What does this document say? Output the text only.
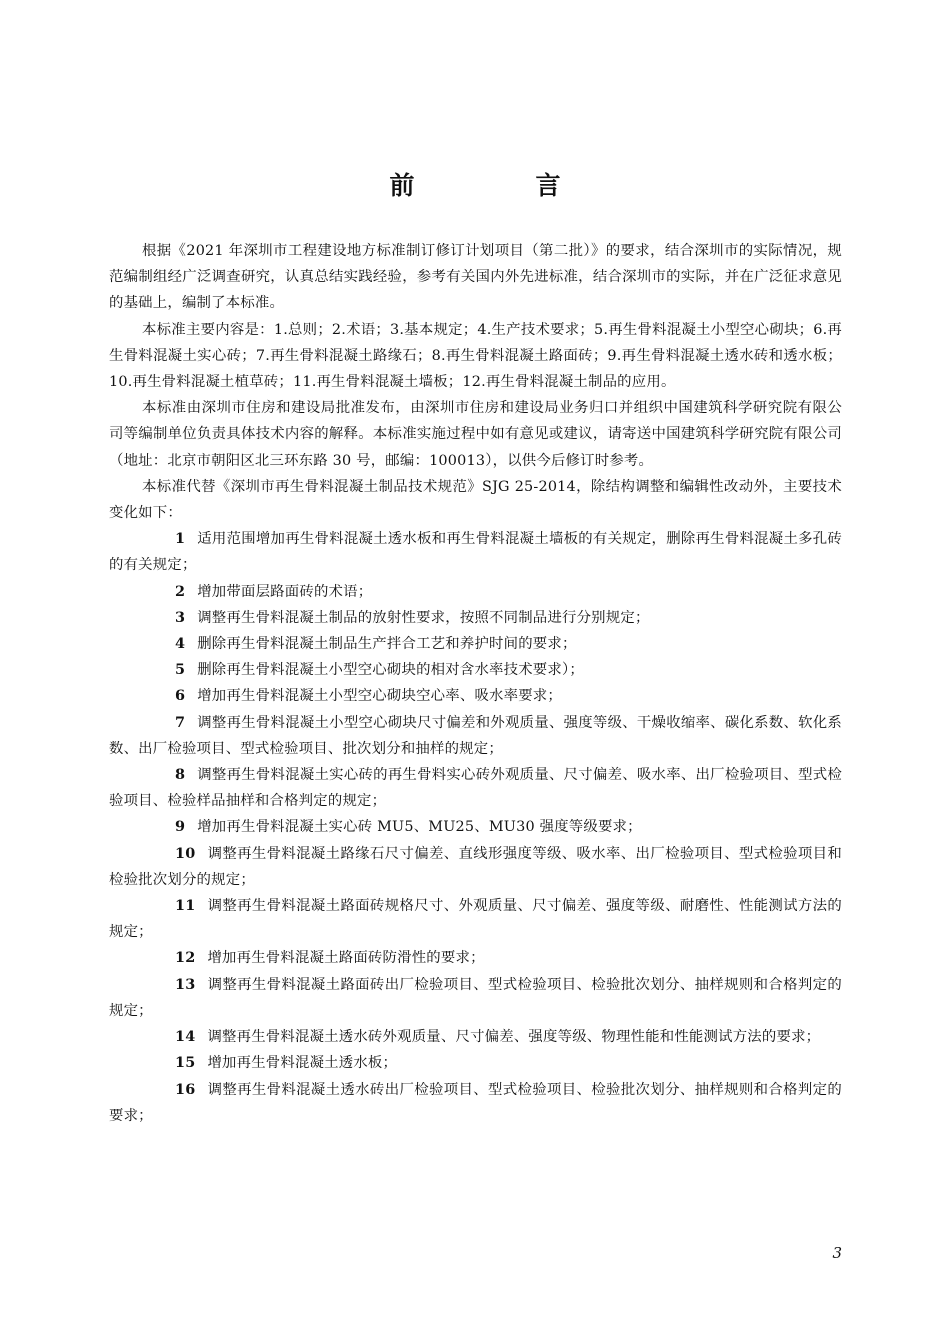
前　言

根据《2021 年深圳市工程建设地方标准制订修订计划项目（第二批）》的要求，结合深圳市的实际情况，规范编制组经广泛调查研究，认真总结实践经验，参考有关国内外先进标准，结合深圳市的实际，并在广泛征求意见的基础上，编制了本标准。

本标准主要内容是：1.总则；2.术语；3.基本规定；4.生产技术要求；5.再生骨料混凝土小型空心砌块；6.再生骨料混凝土实心砖；7.再生骨料混凝土路缘石；8.再生骨料混凝土路面砖；9.再生骨料混凝土透水砖和透水板；10.再生骨料混凝土植草砖；11.再生骨料混凝土墙板；12.再生骨料混凝土制品的应用。

本标准由深圳市住房和建设局批准发布，由深圳市住房和建设局业务归口并组织中国建筑科学研究院有限公司等编制单位负责具体技术内容的解释。本标准实施过程中如有意见或建议，请寄送中国建筑科学研究院有限公司（地址：北京市朝阳区北三环东路 30 号，邮编：100013），以供今后修订时参考。

本标准代替《深圳市再生骨料混凝土制品技术规范》SJG 25-2014，除结构调整和编辑性改动外，主要技术变化如下：

1 适用范围增加再生骨料混凝土透水板和再生骨料混凝土墙板的有关规定，删除再生骨料混凝土多孔砖的有关规定；

2 增加带面层路面砖的术语；

3 调整再生骨料混凝土制品的放射性要求，按照不同制品进行分别规定；

4 删除再生骨料混凝土制品生产拌合工艺和养护时间的要求；

5 删除再生骨料混凝土小型空心砌块的相对含水率技术要求）；

6 增加再生骨料混凝土小型空心砌块空心率、吸水率要求；

7 调整再生骨料混凝土小型空心砌块尺寸偏差和外观质量、强度等级、干燥收缩率、碳化系数、软化系数、出厂检验项目、型式检验项目、批次划分和抽样的规定；

8 调整再生骨料混凝土实心砖的再生骨料实心砖外观质量、尺寸偏差、吸水率、出厂检验项目、型式检验项目、检验样品抽样和合格判定的规定；

9 增加再生骨料混凝土实心砖 MU5、MU25、MU30 强度等级要求；

10 调整再生骨料混凝土路缘石尺寸偏差、直线形强度等级、吸水率、出厂检验项目、型式检验项目和检验批次划分的规定；

11 调整再生骨料混凝土路面砖规格尺寸、外观质量、尺寸偏差、强度等级、耐磨性、性能测试方法的规定；

12 增加再生骨料混凝土路面砖防滑性的要求；

13 调整再生骨料混凝土路面砖出厂检验项目、型式检验项目、检验批次划分、抽样规则和合格判定的规定；

14 调整再生骨料混凝土透水砖外观质量、尺寸偏差、强度等级、物理性能和性能测试方法的要求；

15 增加再生骨料混凝土透水板；

16 调整再生骨料混凝土透水砖出厂检验项目、型式检验项目、检验批次划分、抽样规则和合格判定的要求；

3
